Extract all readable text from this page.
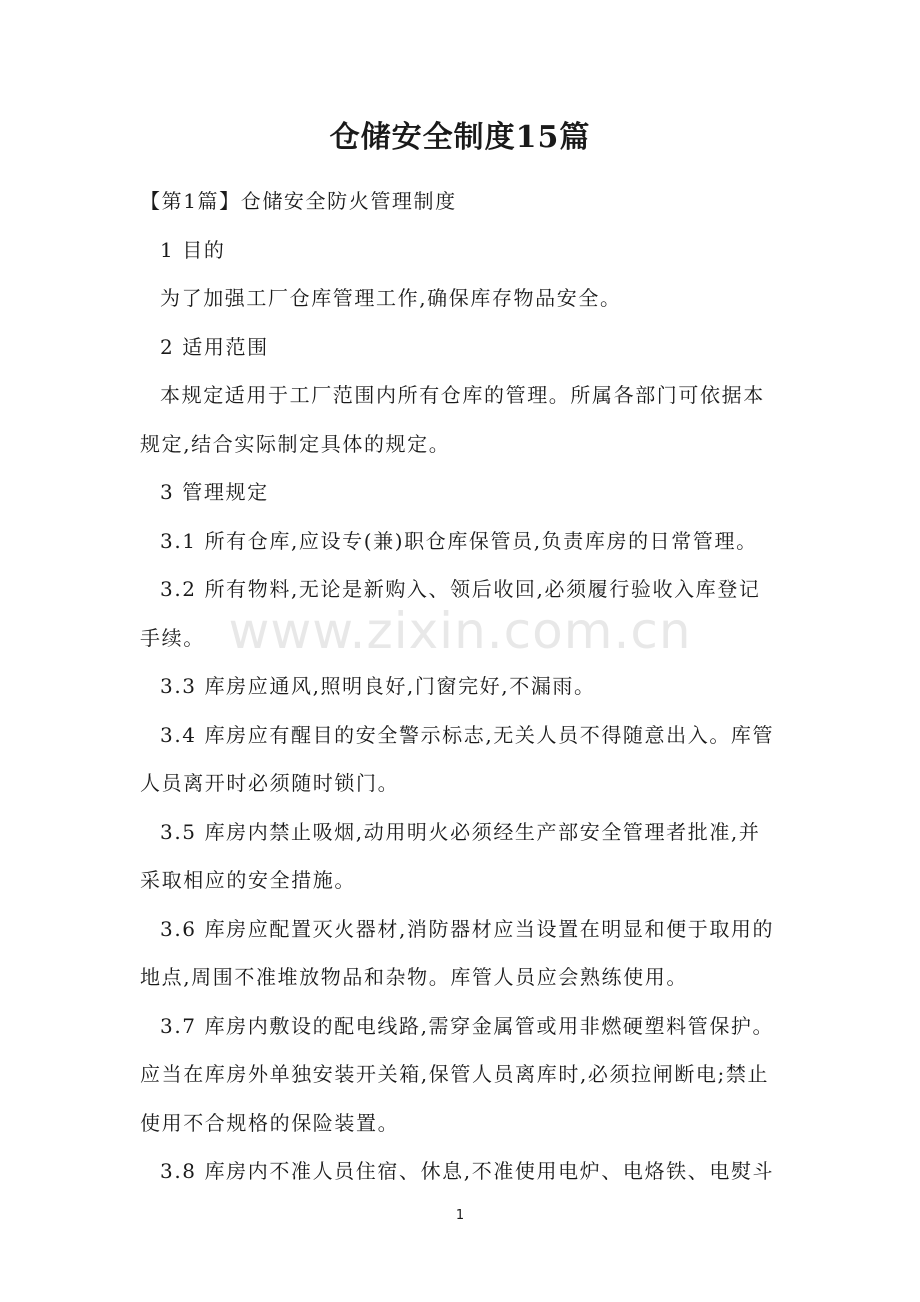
仓储安全制度15篇

【第1篇】仓储安全防火管理制度

1 目的

为了加强工厂仓库管理工作,确保库存物品安全。

2 适用范围

本规定适用于工厂范围内所有仓库的管理。所属各部门可依据本规定,结合实际制定具体的规定。

3 管理规定

3.1 所有仓库,应设专(兼)职仓库保管员,负责库房的日常管理。

3.2 所有物料,无论是新购入、领后收回,必须履行验收入库登记手续。

3.3 库房应通风,照明良好,门窗完好,不漏雨。

3.4 库房应有醒目的安全警示标志,无关人员不得随意出入。库管人员离开时必须随时锁门。

3.5 库房内禁止吸烟,动用明火必须经生产部安全管理者批准,并采取相应的安全措施。

3.6 库房应配置灭火器材,消防器材应当设置在明显和便于取用的地点,周围不准堆放物品和杂物。库管人员应会熟练使用。

3.7 库房内敷设的配电线路,需穿金属管或用非燃硬塑料管保护。应当在库房外单独安装开关箱,保管人员离库时,必须拉闸断电;禁止使用不合规格的保险装置。

3.8 库房内不准人员住宿、休息,不准使用电炉、电烙铁、电熨斗

www.zixin.com.cn
1
